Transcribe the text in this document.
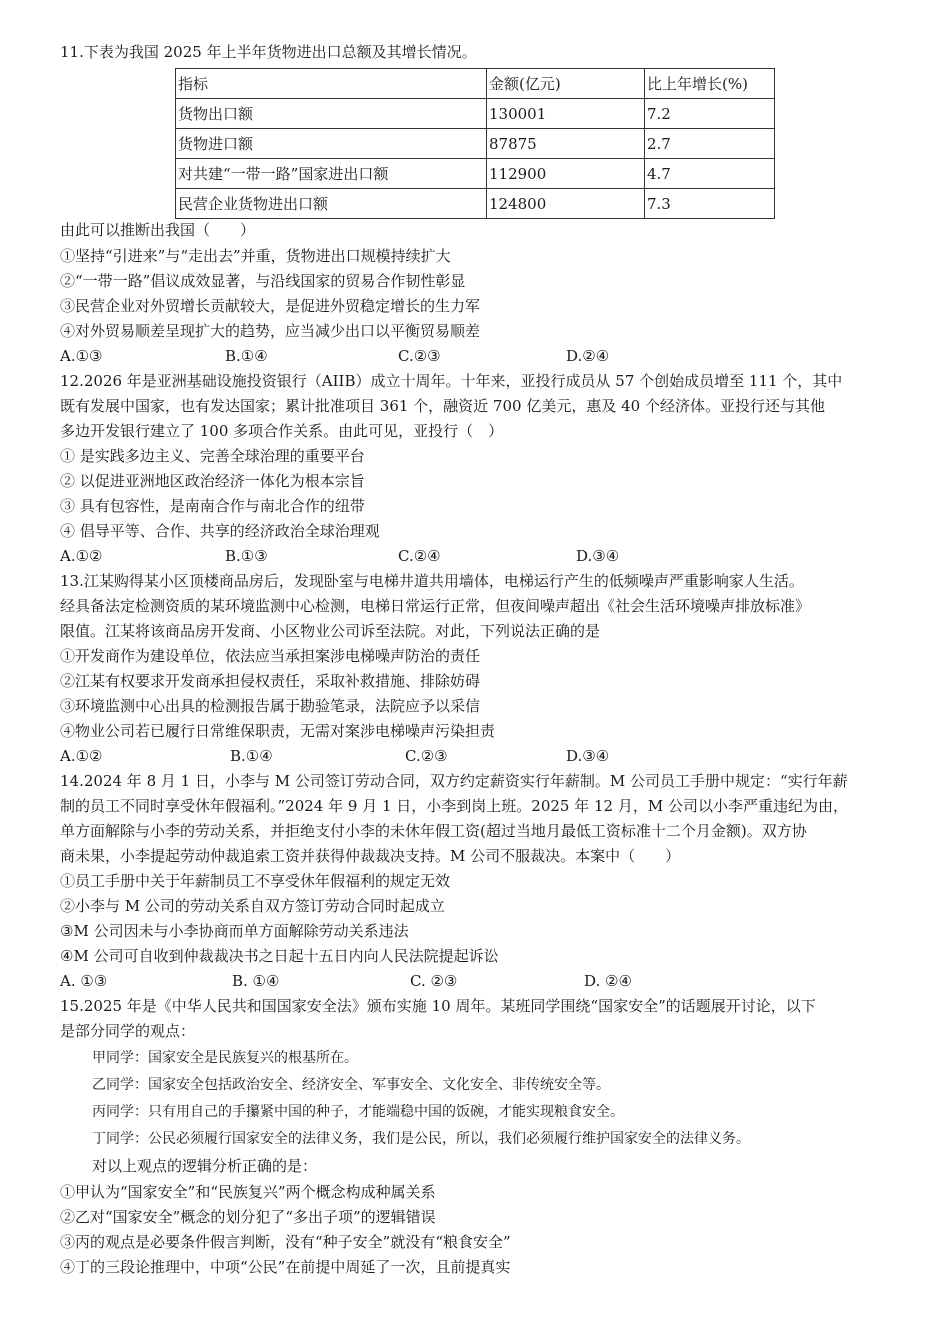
11.下表为我国 2025 年上半年货物进出口总额及其增长情况。
指标	金额(亿元)	比上年增长(%)
货物出口额	130001	7.2
货物进口额	87875	2.7
对共建“一带一路”国家进出口额	112900	4.7
民营企业货物进出口额	124800	7.3
由此可以推断出我国（　　）
①坚持“引进来”与“走出去”并重，货物进出口规模持续扩大
②“一带一路”倡议成效显著，与沿线国家的贸易合作韧性彰显
③民营企业对外贸增长贡献较大，是促进外贸稳定增长的生力军
④对外贸易顺差呈现扩大的趋势，应当减少出口以平衡贸易顺差
A.①③	B.①④	C.②③	D.②④
12.2026 年是亚洲基础设施投资银行（AIIB）成立十周年。十年来，亚投行成员从 57 个创始成员增至 111 个，其中
既有发展中国家，也有发达国家；累计批准项目 361 个，融资近 700 亿美元，惠及 40 个经济体。亚投行还与其他
多边开发银行建立了 100 多项合作关系。由此可见，亚投行（　）
① 是实践多边主义、完善全球治理的重要平台
② 以促进亚洲地区政治经济一体化为根本宗旨
③ 具有包容性，是南南合作与南北合作的纽带
④ 倡导平等、合作、共享的经济政治全球治理观
A.①②	B.①③	C.②④	D.③④
13.江某购得某小区顶楼商品房后，发现卧室与电梯井道共用墙体，电梯运行产生的低频噪声严重影响家人生活。
经具备法定检测资质的某环境监测中心检测，电梯日常运行正常，但夜间噪声超出《社会生活环境噪声排放标准》
限值。江某将该商品房开发商、小区物业公司诉至法院。对此，下列说法正确的是
①开发商作为建设单位，依法应当承担案涉电梯噪声防治的责任
②江某有权要求开发商承担侵权责任，采取补救措施、排除妨碍
③环境监测中心出具的检测报告属于勘验笔录，法院应予以采信
④物业公司若已履行日常维保职责，无需对案涉电梯噪声污染担责
A.①②	B.①④	C.②③	D.③④
14.2024 年 8 月 1 日，小李与 M 公司签订劳动合同，双方约定薪资实行年薪制。M 公司员工手册中规定：“实行年薪
制的员工不同时享受休年假福利。”2024 年 9 月 1 日，小李到岗上班。2025 年 12 月，M 公司以小李严重违纪为由，
单方面解除与小李的劳动关系，并拒绝支付小李的未休年假工资(超过当地月最低工资标准十二个月金额)。双方协
商未果，小李提起劳动仲裁追索工资并获得仲裁裁决支持。M 公司不服裁决。本案中（　　）
①员工手册中关于年薪制员工不享受休年假福利的规定无效
②小李与 M 公司的劳动关系自双方签订劳动合同时起成立
③M 公司因未与小李协商而单方面解除劳动关系违法
④M 公司可自收到仲裁裁决书之日起十五日内向人民法院提起诉讼
A. ①③	B. ①④	C. ②③	D. ②④
15.2025 年是《中华人民共和国国家安全法》颁布实施 10 周年。某班同学围绕“国家安全”的话题展开讨论，以下
是部分同学的观点：
甲同学：国家安全是民族复兴的根基所在。
乙同学：国家安全包括政治安全、经济安全、军事安全、文化安全、非传统安全等。
丙同学：只有用自己的手攥紧中国的种子，才能端稳中国的饭碗，才能实现粮食安全。
丁同学：公民必须履行国家安全的法律义务，我们是公民，所以，我们必须履行维护国家安全的法律义务。
对以上观点的逻辑分析正确的是：
①甲认为“国家安全”和“民族复兴”两个概念构成种属关系
②乙对“国家安全”概念的划分犯了“多出子项”的逻辑错误
③丙的观点是必要条件假言判断，没有“种子安全”就没有“粮食安全”
④丁的三段论推理中，中项“公民”在前提中周延了一次，且前提真实
